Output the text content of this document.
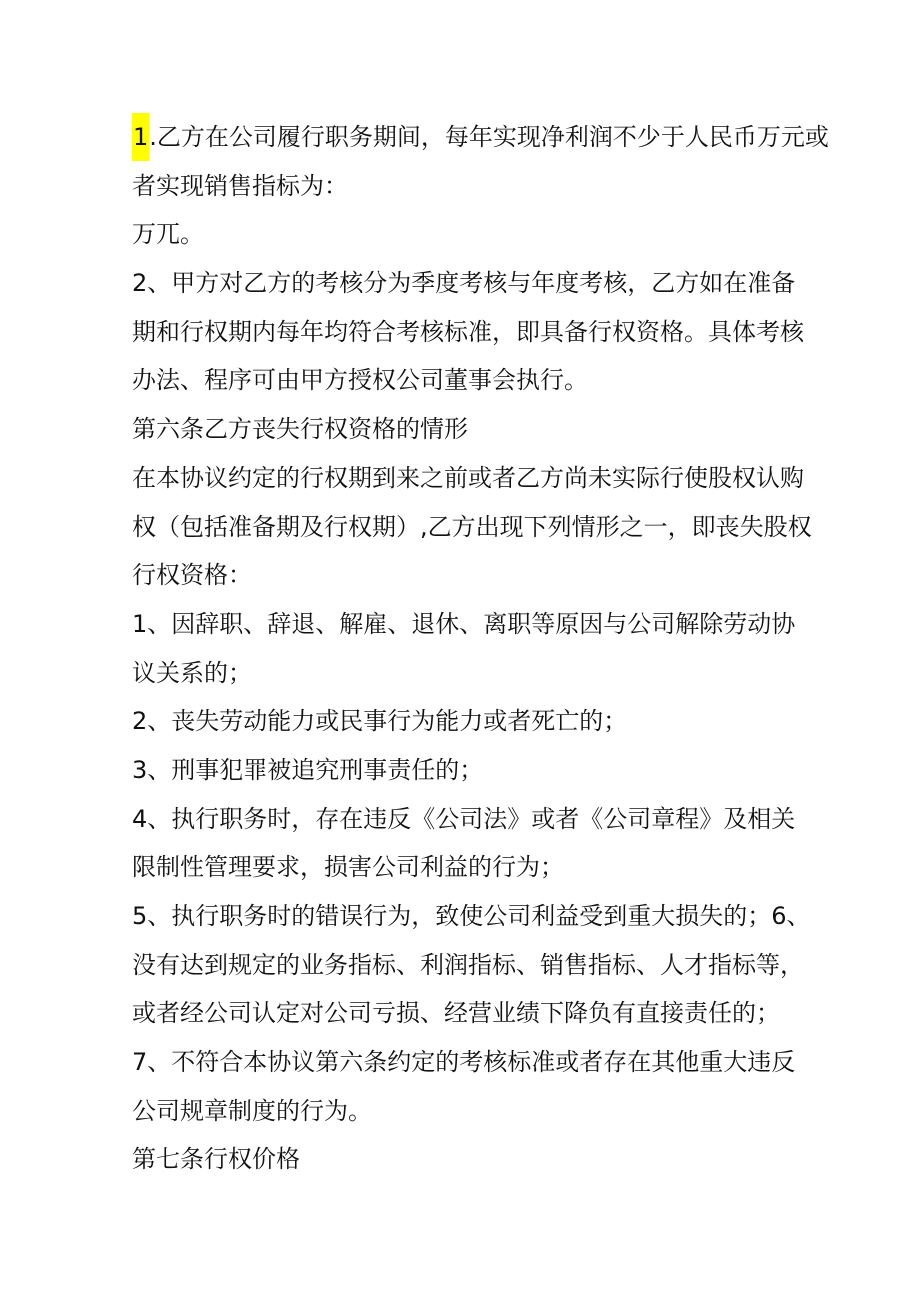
1.乙方在公司履行职务期间，每年实现净利润不少于人民币万元或
者实现销售指标为：
万兀。
2、甲方对乙方的考核分为季度考核与年度考核，乙方如在准备
期和行权期内每年均符合考核标准，即具备行权资格。具体考核
办法、程序可由甲方授权公司董事会执行。
第六条乙方丧失行权资格的情形
在本协议约定的行权期到来之前或者乙方尚未实际行使股权认购
权（包括准备期及行权期）,乙方出现下列情形之一，即丧失股权
行权资格：
1、因辞职、辞退、解雇、退休、离职等原因与公司解除劳动协
议关系的；
2、丧失劳动能力或民事行为能力或者死亡的；
3、刑事犯罪被追究刑事责任的；
4、执行职务时，存在违反《公司法》或者《公司章程》及相关
限制性管理要求，损害公司利益的行为；
5、执行职务时的错误行为，致使公司利益受到重大损失的；6、
没有达到规定的业务指标、利润指标、销售指标、人才指标等，
或者经公司认定对公司亏损、经营业绩下降负有直接责任的；
7、不符合本协议第六条约定的考核标准或者存在其他重大违反
公司规章制度的行为。
第七条行权价格
